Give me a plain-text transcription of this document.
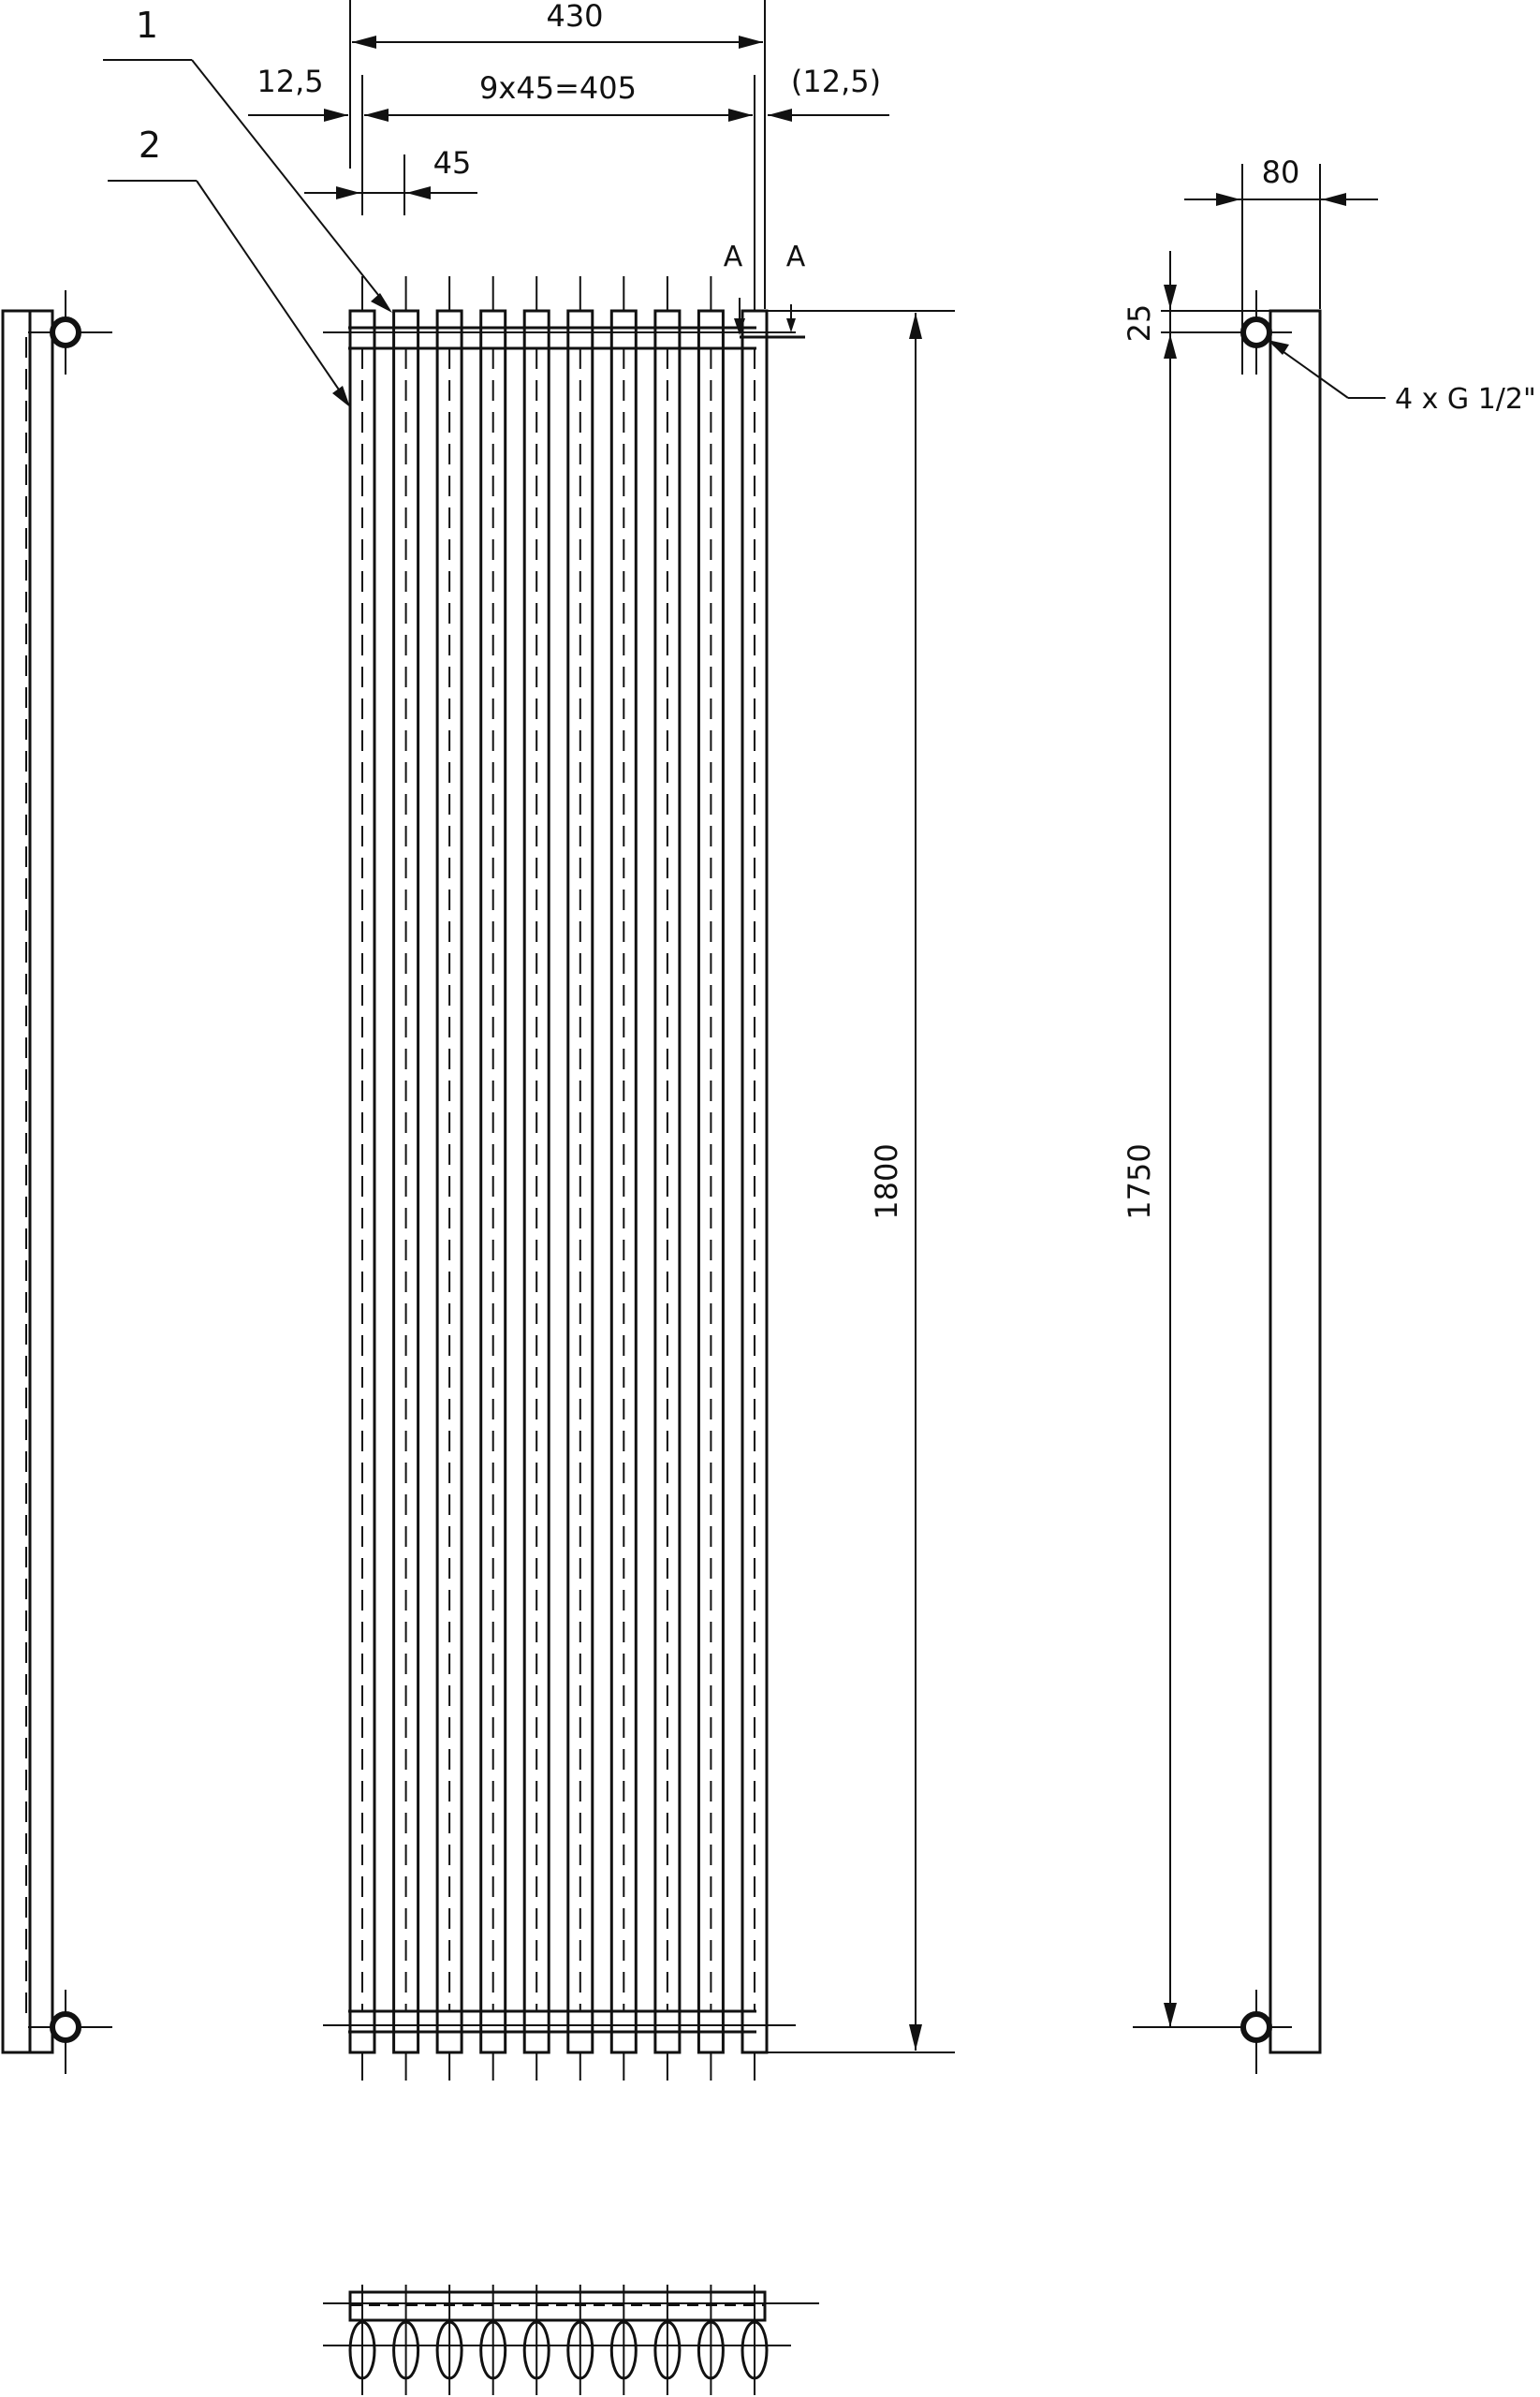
A A
430
9x45=405
12,5	(12,5)
45
1
2
1800
80
25
1750
4 x G 1/2"
